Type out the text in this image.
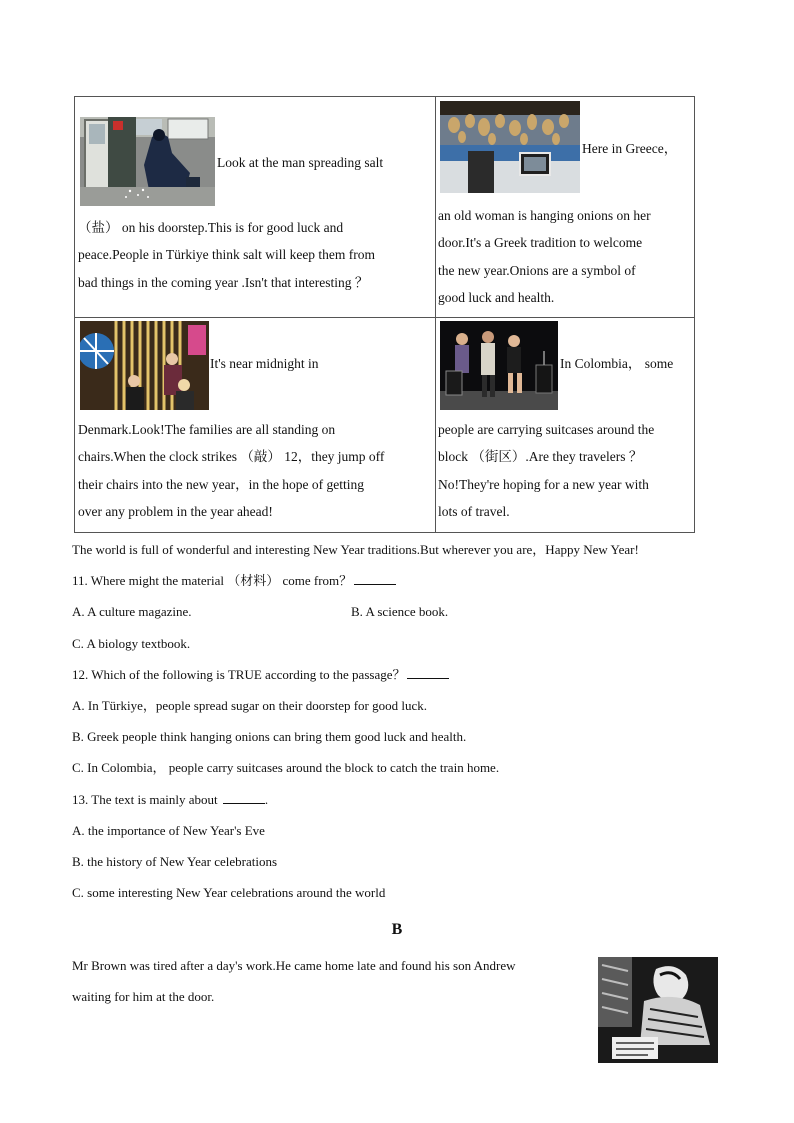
Look at the man spreading salt
（盐） on his doorstep.This is for good luck and
peace.People in Türkiye think salt will keep them from
bad things in the coming year .Isn't that interesting ？
Here in Greece，
an old woman is hanging onions on her
door.It's a Greek tradition to welcome
the new year.Onions are a symbol of
good luck and health.
It's near midnight in
Denmark.Look!The families are all standing on
chairs.When the clock strikes （敲） 12，they jump off
their chairs into the new year，in the hope of getting
over any problem in the year ahead!
In Colombia， some
people are carrying suitcases around the
block （街区）.Are they travelers ？
No!They're hoping for a new year with
lots of travel.
The world is full of wonderful and interesting New Year traditions.But wherever you are，Happy New Year!
11. Where might the material （材料） come from？
A. A culture magazine.	B. A science book.
C. A biology textbook.
12. Which of the following is TRUE according to the passage？
A. In Türkiye，people spread sugar on their doorstep for good luck.
B. Greek people think hanging onions can bring them good luck and health.
C. In Colombia， people carry suitcases around the block to catch the train home.
13. The text is mainly about	.
A. the importance of New Year's Eve
B. the history of New Year celebrations
C. some interesting New Year celebrations around the world
B
Mr Brown was tired after a day's work.He came home late and found his son Andrew
waiting for him at the door.
